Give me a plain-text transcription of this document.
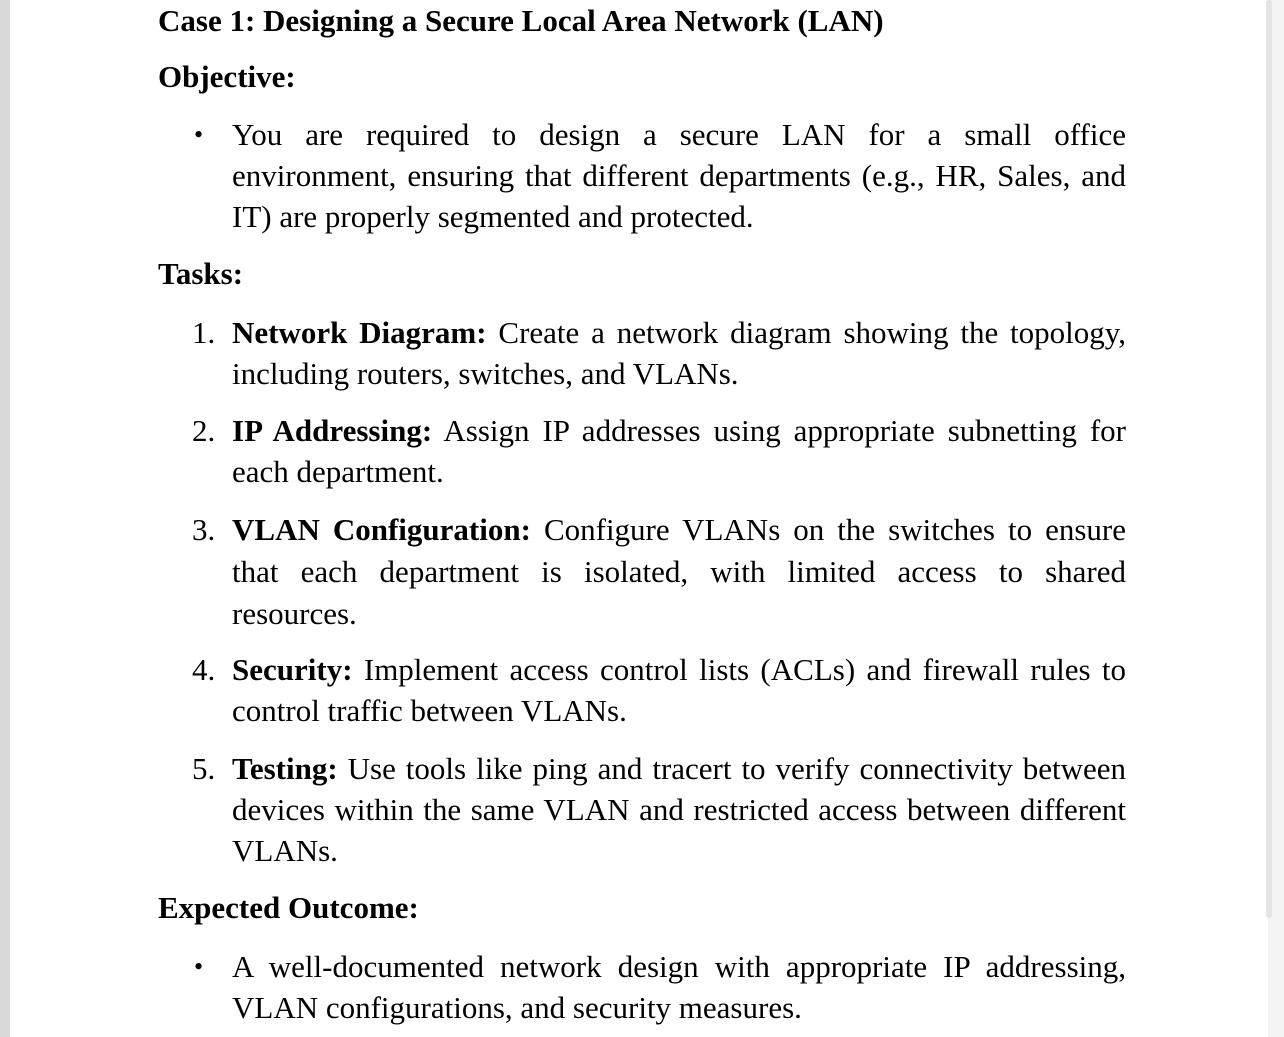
Case 1: Designing a Secure Local Area Network (LAN)
Objective:
• You are required to design a secure LAN for a small office environment, ensuring that different departments (e.g., HR, Sales, and IT) are properly segmented and protected.
Tasks:
1. Network Diagram: Create a network diagram showing the topology, including routers, switches, and VLANs.
2. IP Addressing: Assign IP addresses using appropriate subnetting for each department.
3. VLAN Configuration: Configure VLANs on the switches to ensure that each department is isolated, with limited access to shared resources.
4. Security: Implement access control lists (ACLs) and firewall rules to control traffic between VLANs.
5. Testing: Use tools like ping and tracert to verify connectivity between devices within the same VLAN and restricted access between different VLANs.
Expected Outcome:
• A well-documented network design with appropriate IP addressing, VLAN configurations, and security measures.
